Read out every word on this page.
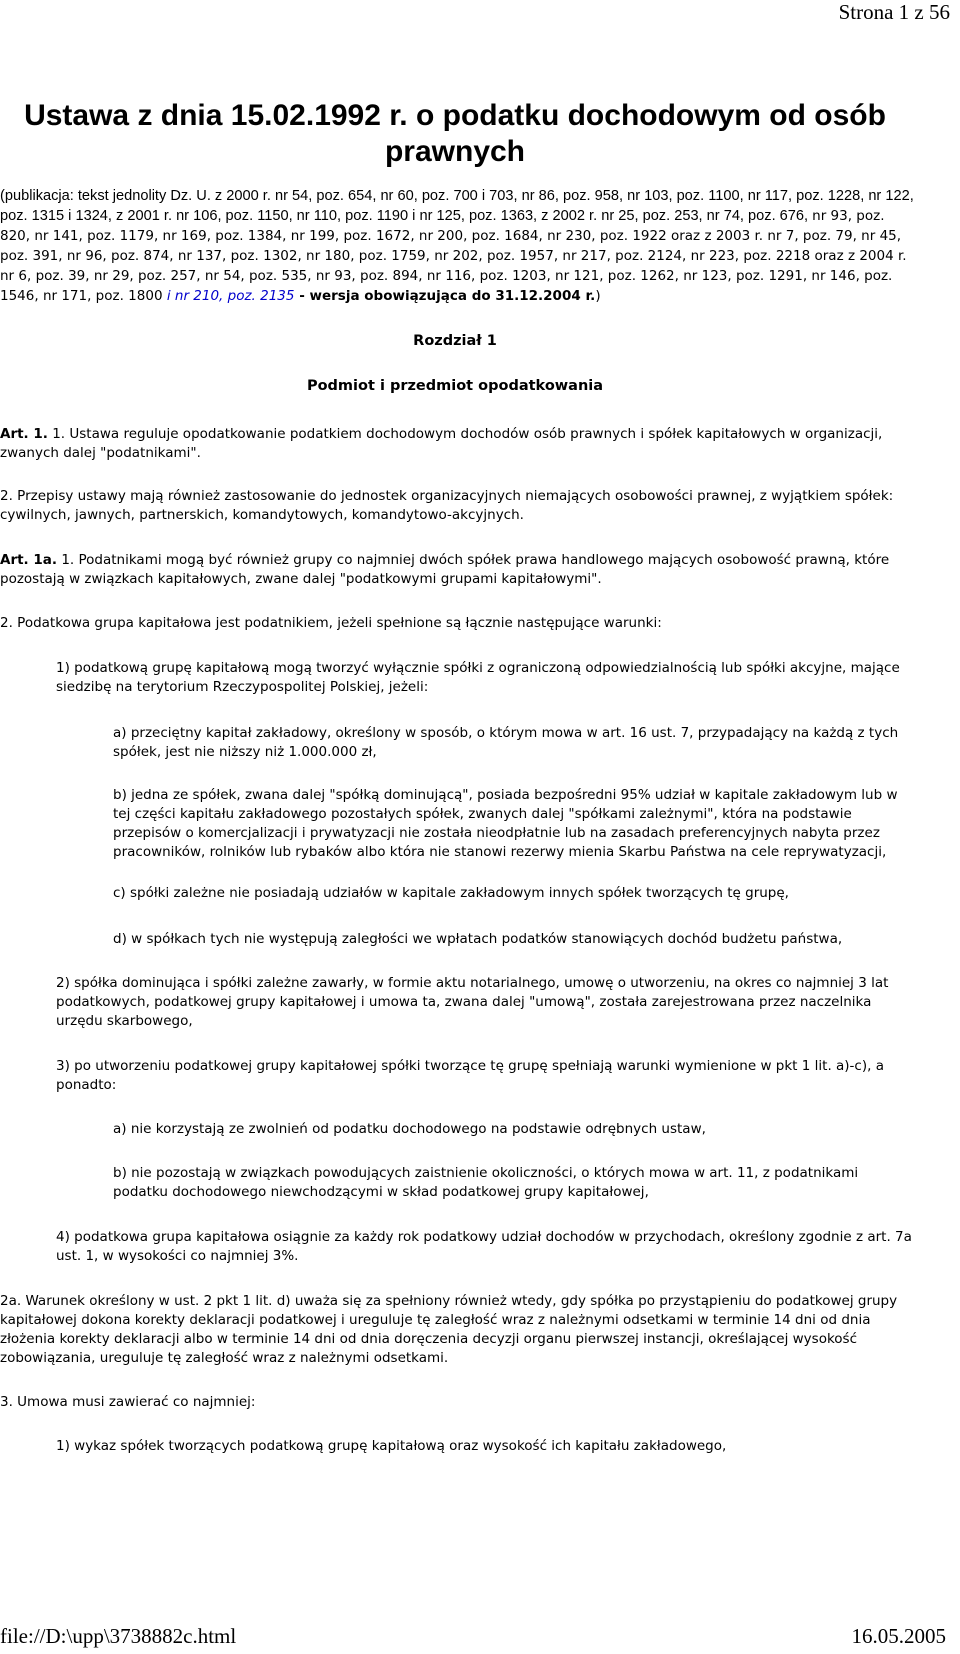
Strona 1 z 56
Ustawa z dnia 15.02.1992 r. o podatku dochodowym od osób prawnych
(publikacja: tekst jednolity Dz. U. z 2000 r. nr 54, poz. 654, nr 60, poz. 700 i 703, nr 86, poz. 958, nr 103, poz. 1100, nr 117, poz. 1228, nr 122, poz. 1315 i 1324, z 2001 r. nr 106, poz. 1150, nr 110, poz. 1190 i nr 125, poz. 1363, z 2002 r. nr 25, poz. 253, nr 74, poz. 676, nr 93, poz. 820, nr 141, poz. 1179, nr 169, poz. 1384, nr 199, poz. 1672, nr 200, poz. 1684, nr 230, poz. 1922 oraz z 2003 r. nr 7, poz. 79, nr 45, poz. 391, nr 96, poz. 874, nr 137, poz. 1302, nr 180, poz. 1759, nr 202, poz. 1957, nr 217, poz. 2124, nr 223, poz. 2218 oraz z 2004 r. nr 6, poz. 39, nr 29, poz. 257, nr 54, poz. 535, nr 93, poz. 894, nr 116, poz. 1203, nr 121, poz. 1262, nr 123, poz. 1291, nr 146, poz. 1546, nr 171, poz. 1800 i nr 210, poz. 2135 - wersja obowiązująca do 31.12.2004 r.)
Rozdział 1
Podmiot i przedmiot opodatkowania
Art. 1. 1. Ustawa reguluje opodatkowanie podatkiem dochodowym dochodów osób prawnych i spółek kapitałowych w organizacji, zwanych dalej "podatnikami".
2. Przepisy ustawy mają również zastosowanie do jednostek organizacyjnych niemających osobowości prawnej, z wyjątkiem spółek: cywilnych, jawnych, partnerskich, komandytowych, komandytowo-akcyjnych.
Art. 1a. 1. Podatnikami mogą być również grupy co najmniej dwóch spółek prawa handlowego mających osobowość prawną, które pozostają w związkach kapitałowych, zwane dalej "podatkowymi grupami kapitałowymi".
2. Podatkowa grupa kapitałowa jest podatnikiem, jeżeli spełnione są łącznie następujące warunki:
1) podatkową grupę kapitałową mogą tworzyć wyłącznie spółki z ograniczoną odpowiedzialnością lub spółki akcyjne, mające siedzibę na terytorium Rzeczypospolitej Polskiej, jeżeli:
a) przeciętny kapitał zakładowy, określony w sposób, o którym mowa w art. 16 ust. 7, przypadający na każdą z tych spółek, jest nie niższy niż 1.000.000 zł,
b) jedna ze spółek, zwana dalej "spółką dominującą", posiada bezpośredni 95% udział w kapitale zakładowym lub w tej części kapitału zakładowego pozostałych spółek, zwanych dalej "spółkami zależnymi", która na podstawie przepisów o komercjalizacji i prywatyzacji nie została nieodpłatnie lub na zasadach preferencyjnych nabyta przez pracowników, rolników lub rybaków albo która nie stanowi rezerwy mienia Skarbu Państwa na cele reprywatyzacji,
c) spółki zależne nie posiadają udziałów w kapitale zakładowym innych spółek tworzących tę grupę,
d) w spółkach tych nie występują zaległości we wpłatach podatków stanowiących dochód budżetu państwa,
2) spółka dominująca i spółki zależne zawarły, w formie aktu notarialnego, umowę o utworzeniu, na okres co najmniej 3 lat podatkowych, podatkowej grupy kapitałowej i umowa ta, zwana dalej "umową", została zarejestrowana przez naczelnika urzędu skarbowego,
3) po utworzeniu podatkowej grupy kapitałowej spółki tworzące tę grupę spełniają warunki wymienione w pkt 1 lit. a)-c), a ponadto:
a) nie korzystają ze zwolnień od podatku dochodowego na podstawie odrębnych ustaw,
b) nie pozostają w związkach powodujących zaistnienie okoliczności, o których mowa w art. 11, z podatnikami podatku dochodowego niewchodzącymi w skład podatkowej grupy kapitałowej,
4) podatkowa grupa kapitałowa osiągnie za każdy rok podatkowy udział dochodów w przychodach, określony zgodnie z art. 7a ust. 1, w wysokości co najmniej 3%.
2a. Warunek określony w ust. 2 pkt 1 lit. d) uważa się za spełniony również wtedy, gdy spółka po przystąpieniu do podatkowej grupy kapitałowej dokona korekty deklaracji podatkowej i ureguluje tę zaległość wraz z należnymi odsetkami w terminie 14 dni od dnia złożenia korekty deklaracji albo w terminie 14 dni od dnia doręczenia decyzji organu pierwszej instancji, określającej wysokość zobowiązania, ureguluje tę zaległość wraz z należnymi odsetkami.
3. Umowa musi zawierać co najmniej:
1) wykaz spółek tworzących podatkową grupę kapitałową oraz wysokość ich kapitału zakładowego,
file://D:\upp\3738882c.html	16.05.2005
